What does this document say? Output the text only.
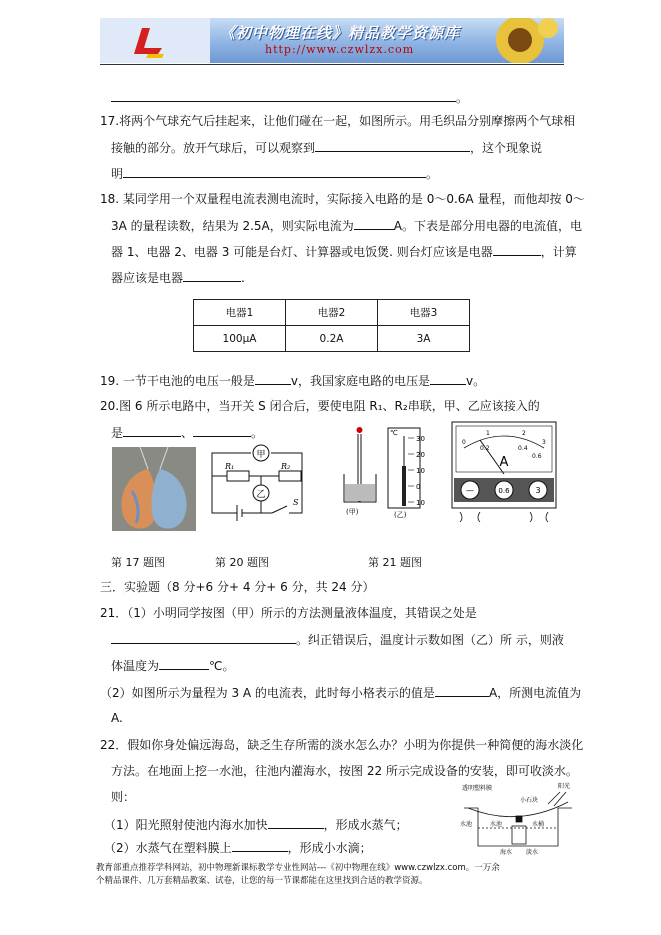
《初中物理在线》精品教学资源库
http://www.czwlzx.com
。
17.将两个气球充气后挂起来，让他们碰在一起，如图所示。用毛织品分别摩擦两个气球相
接触的部分。放开气球后，可以观察到	，这个现象说
明	。
18. 某同学用一个双量程电流表测电流时，实际接入电路的是 0～0.6A 量程，而他却按 0～
3A 的量程读数，结果为 2.5A，则实际电流为	A。下表是部分用电器的电流值，电
器 1、电器 2、电器 3 可能是台灯、计算器或电饭煲. 则台灯应该是电器	，计算
器应该是电器	.
电器1	电器2	电器3
100μA	0.2A	3A
19. 一节干电池的电压一般是	v，我国家庭电路的电压是	v。
20.图 6 所示电路中，当开关 S 闭合后，要使电阻 R₁、R₂串联，甲、乙应该接入的
是	、	。
甲
乙
R₁	R₂
S
℃
30
20
10
0
10
(甲)	(乙)
A
—	0.6	3
1	2
0
0.2	0.4
0.6
3
第 17 题图	第 20 题图	第 21 题图
三．实验题（8 分+6 分+ 4 分+ 6 分，共 24 分）
21．（1）小明同学按图（甲）所示的方法测量液体温度，其错误之处是
。纠正错误后，温度计示数如图（乙）所 示，则液
体温度为	℃。
（2）如图所示为量程为 3 A 的电流表，此时每小格表示的值是	A，所测电流值为
A.
22．假如你身处偏远海岛，缺乏生存所需的淡水怎么办？小明为你提供一种简便的海水淡化
方法。在地面上挖一水池，往池内灌海水，按图 22 所示完成设备的安装，即可收淡水。
则：
（1）阳光照射使池内海水加快	，形成水蒸气；
（2）水蒸气在塑料膜上	，形成小水滴；
透明塑料膜
小石块
阳光
水池	水池	水桶
海水 淡水
教育部重点推荐学科网站，初中物理新课标教学专业性网站---《初中物理在线》www.czwlzx.com。一万余
个精品课件、几万套精品教案、试卷，让您的每一节课都能在这里找到合适的教学资源。
